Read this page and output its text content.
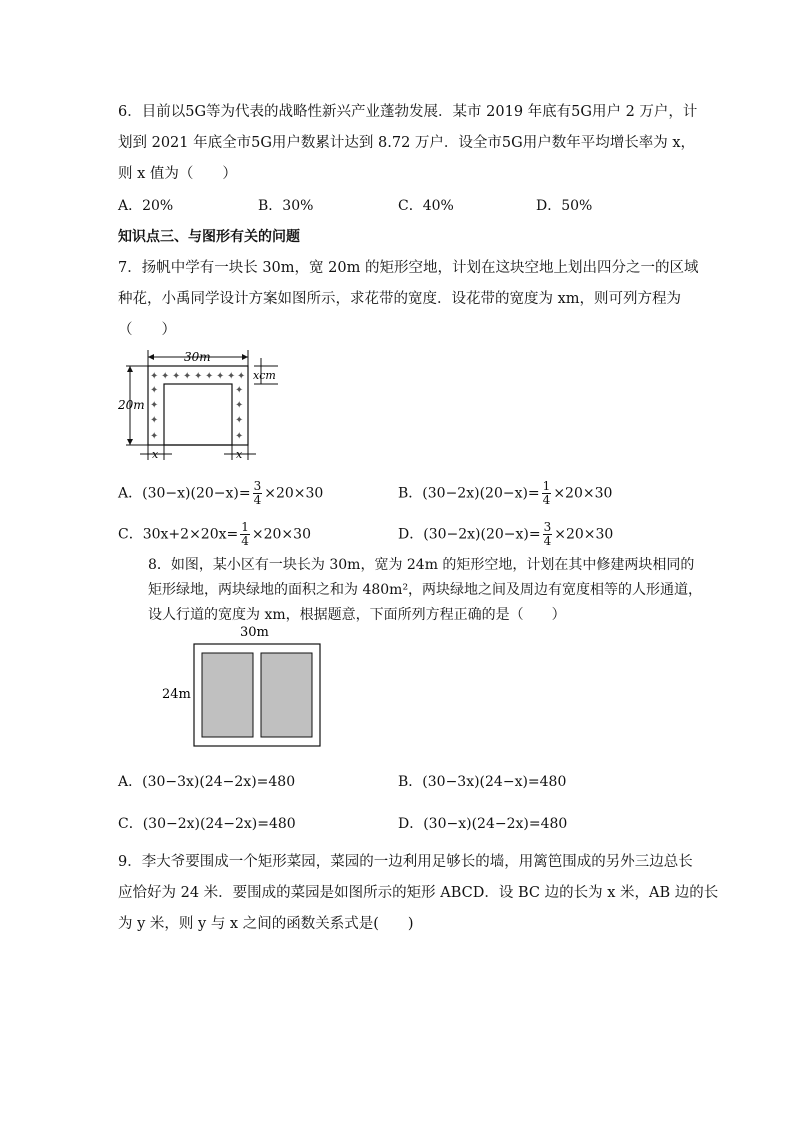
6．目前以5G等为代表的战略性新兴产业蓬勃发展．某市 2019 年底有5G用户 2 万户，计
划到 2021 年底全市5G用户数累计达到 8.72 万户．设全市5G用户数年平均增长率为 x，
则 x 值为（　　）
A．20%	B．30%	C．40%	D．50%
知识点三、与图形有关的问题
7．扬帆中学有一块长 30m，宽 20m 的矩形空地，计划在这块空地上划出四分之一的区域
种花，小禹同学设计方案如图所示，求花带的宽度．设花带的宽度为 xm，则可列方程为
（　　）
30m
20m
✦ ✦ ✦ ✦ ✦ ✦ ✦ ✦ ✦
✦
✦
✦
✦
✦
✦
✦
✦
xcm
x	x
A．$(30-x)(20-x)= \frac{3}{4} \times 20\times 30$	B．$(30-2x)(20-x)= \frac{1}{4} \times 20\times 30$
C．$30x+2\times 20x= \frac{1}{4} \times 20\times 30$	D．$(30-2x)(20-x)= \frac{3}{4} \times 20\times 30$
8．如图，某小区有一块长为 30m，宽为 24m 的矩形空地，计划在其中修建两块相同的
矩形绿地，两块绿地的面积之和为 480m²，两块绿地之间及周边有宽度相等的人形通道，
设人行道的宽度为 xm，根据题意，下面所列方程正确的是（　　）
30m
24m
A．(30−3x)(24−2x)=480	B．(30−3x)(24−x)=480
C．(30−2x)(24−2x)=480	D．(30−x)(24−2x)=480
9．李大爷要围成一个矩形菜园，菜园的一边利用足够长的墙，用篱笆围成的另外三边总长
应恰好为 24 米．要围成的菜园是如图所示的矩形 ABCD．设 BC 边的长为 x 米，AB 边的长
为 y 米，则 y 与 x 之间的函数关系式是(　　)
